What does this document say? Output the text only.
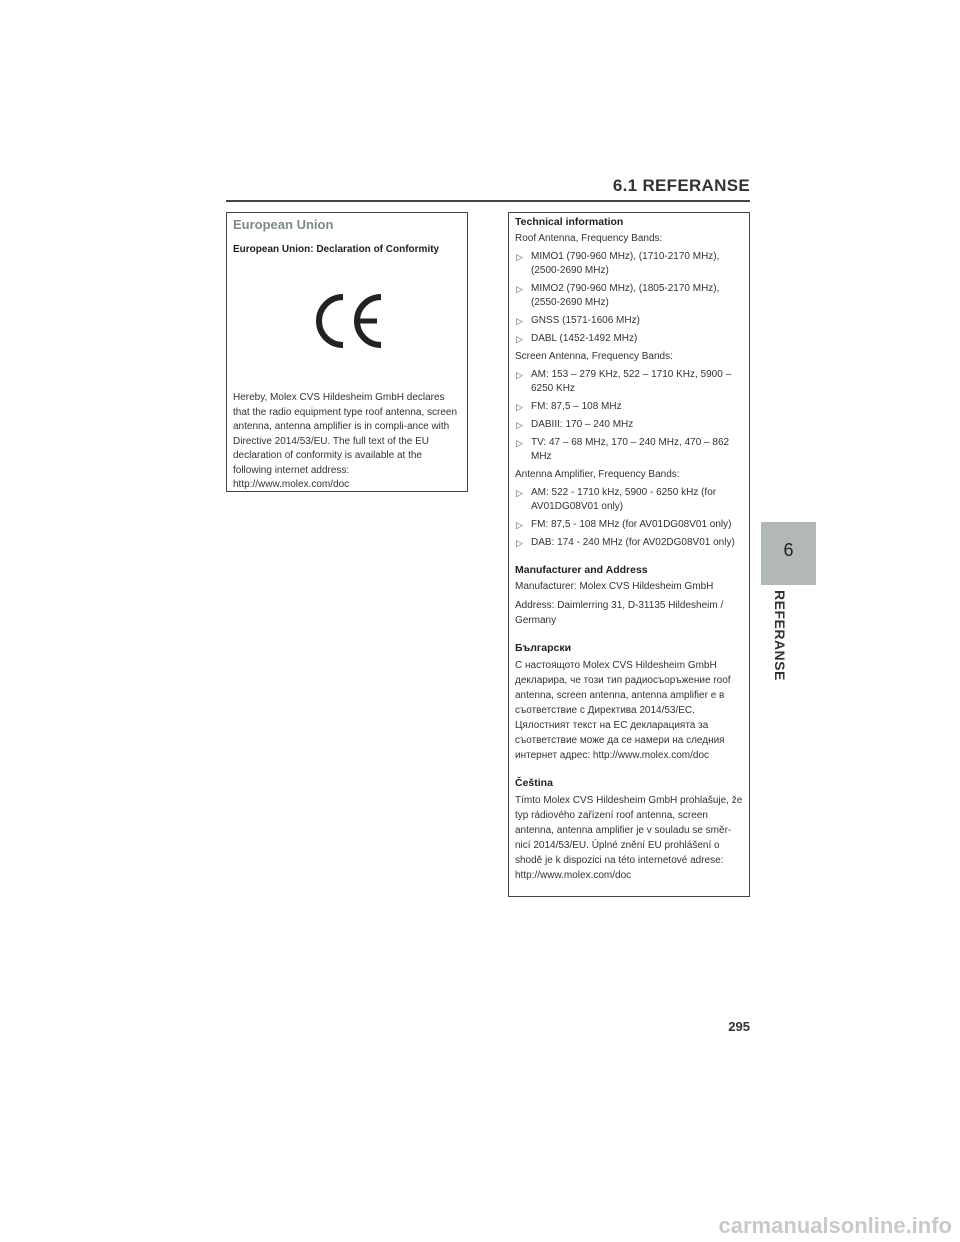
6.1 REFERANSE
European Union
European Union: Declaration of Conformity
Hereby, Molex CVS Hildesheim GmbH declares that the radio equipment type roof antenna, screen antenna, antenna amplifier is in compli-ance with Directive 2014/53/EU. The full text of the EU declaration of conformity is available at the following internet address: http://www.molex.com/doc
Technical information
Roof Antenna, Frequency Bands:
▷ MIMO1 (790-960 MHz), (1710-2170 MHz), (2500-2690 MHz)
▷ MIMO2 (790-960 MHz), (1805-2170 MHz), (2550-2690 MHz)
▷ GNSS (1571-1606 MHz)
▷ DABL (1452-1492 MHz)
Screen Antenna, Frequency Bands:
▷ AM: 153 – 279 KHz, 522 – 1710 KHz, 5900 – 6250 KHz
▷ FM: 87,5 – 108 MHz
▷ DABIII: 170 – 240 MHz
▷ TV: 47 – 68 MHz, 170 – 240 MHz, 470 – 862 MHz
Antenna Amplifier, Frequency Bands:
▷ AM: 522 - 1710 kHz, 5900 - 6250 kHz (for AV01DG08V01 only)
▷ FM: 87,5 - 108 MHz (for AV01DG08V01 only)
▷ DAB: 174 - 240 MHz (for AV02DG08V01 only)
Manufacturer and Address
Manufacturer: Molex CVS Hildesheim GmbH
Address: Daimlerring 31, D-31135 Hildesheim / Germany
Български
С настоящото Molex CVS Hildesheim GmbH декларира, че този тип радиосъоръжение roof antenna, screen antenna, antenna amplifier е в съответствие с Директива 2014/53/ЕС. Цялостният текст на ЕС декларацията за съответствие може да се намери на следния интернет адрес: http://www.molex.com/doc
Čeština
Tímto Molex CVS Hildesheim GmbH prohlašuje, že typ rádiového zařízení roof antenna, screen antenna, antenna amplifier je v souladu se směr-nicí 2014/53/EU. Úplné znění EU prohlášení o shodě je k dispozici na této internetové adrese: http://www.molex.com/doc
6
REFERANSE
295
carmanualsonline.info
